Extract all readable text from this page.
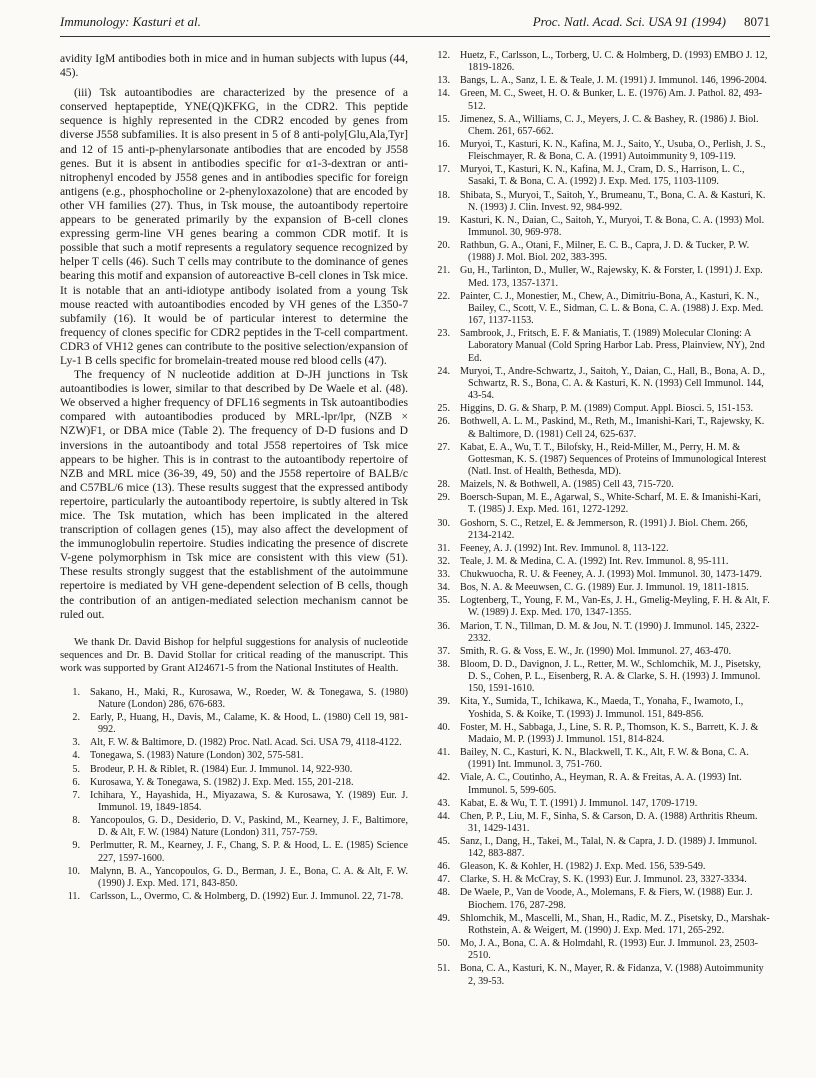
Immunology: Kasturi et al.	Proc. Natl. Acad. Sci. USA 91 (1994) 8071

avidity IgM antibodies both in mice and in human subjects with lupus (44, 45).

(iii) Tsk autoantibodies are characterized by the presence of a conserved heptapeptide, YNE(Q)KFKG, in the CDR2. This peptide sequence is highly represented in the CDR2 encoded by genes from diverse J558 subfamilies. It is also present in 5 of 8 anti-poly[Glu,Ala,Tyr] and 12 of 15 anti-p-phenylarsonate antibodies that are encoded by J558 genes. But it is absent in antibodies specific for α1-3-dextran or anti-nitrophenyl encoded by J558 genes and in antibodies specific for foreign antigens (e.g., phosphocholine or 2-phenyloxazolone) that are encoded by other VH families (27). Thus, in Tsk mouse, the autoantibody repertoire appears to be generated primarily by the expansion of B-cell clones expressing germ-line VH genes bearing a common CDR motif. It is possible that such a motif represents a regulatory sequence recognized by helper T cells (46). Such T cells may contribute to the dominance of genes bearing this motif and expansion of autoreactive B-cell clones in Tsk mice. It is notable that an anti-idiotype antibody isolated from a young Tsk mouse reacted with autoantibodies encoded by VH genes of the L350-7 subfamily (16). It would be of particular interest to determine the frequency of clones specific for CDR2 peptides in the T-cell compartment. CDR3 of VH12 genes can contribute to the positive selection/expansion of Ly-1 B cells specific for bromelain-treated mouse red blood cells (47).

The frequency of N nucleotide addition at D-JH junctions in Tsk autoantibodies is lower, similar to that described by De Waele et al. (48). We observed a higher frequency of DFL16 segments in Tsk autoantibodies compared with autoantibodies produced by MRL-lpr/lpr, (NZB × NZW)F1, or DBA mice (Table 2). The frequency of D-D fusions and D inversions in the autoantibody and total J558 repertoires of Tsk mice appears to be higher. This is in contrast to the autoantibody repertoire of NZB and MRL mice (36-39, 49, 50) and the J558 repertoire of BALB/c and C57BL/6 mice (13). These results suggest that the expressed antibody repertoire, particularly the autoantibody repertoire, is subtly altered in Tsk mice. The Tsk mutation, which has been implicated in the altered transcription of collagen genes (15), may also affect the development of the immunoglobulin repertoire. Studies indicating the presence of discrete V-gene polymorphism in Tsk mice are consistent with this view (51). These results strongly suggest that the establishment of the autoimmune repertoire is mediated by VH gene-dependent selection of B cells, though the contribution of an antigen-mediated selection mechanism cannot be ruled out.

We thank Dr. David Bishop for helpful suggestions for analysis of nucleotide sequences and Dr. B. David Stollar for critical reading of the manuscript. This work was supported by Grant AI24671-5 from the National Institutes of Health.

1. Sakano, H., Maki, R., Kurosawa, W., Roeder, W. & Tonegawa, S. (1980) Nature (London) 286, 676-683.
2. Early, P., Huang, H., Davis, M., Calame, K. & Hood, L. (1980) Cell 19, 981-992.
3. Alt, F. W. & Baltimore, D. (1982) Proc. Natl. Acad. Sci. USA 79, 4118-4122.
4. Tonegawa, S. (1983) Nature (London) 302, 575-581.
5. Brodeur, P. H. & Riblet, R. (1984) Eur. J. Immunol. 14, 922-930.
6. Kurosawa, Y. & Tonegawa, S. (1982) J. Exp. Med. 155, 201-218.
7. Ichihara, Y., Hayashida, H., Miyazawa, S. & Kurosawa, Y. (1989) Eur. J. Immunol. 19, 1849-1854.
8. Yancopoulos, G. D., Desiderio, D. V., Paskind, M., Kearney, J. F., Baltimore, D. & Alt, F. W. (1984) Nature (London) 311, 757-759.
9. Perlmutter, R. M., Kearney, J. F., Chang, S. P. & Hood, L. E. (1985) Science 227, 1597-1600.
10. Malynn, B. A., Yancopoulos, G. D., Berman, J. E., Bona, C. A. & Alt, F. W. (1990) J. Exp. Med. 171, 843-850.
11. Carlsson, L., Overmo, C. & Holmberg, D. (1992) Eur. J. Immunol. 22, 71-78.
12. Huetz, F., Carlsson, L., Torberg, U. C. & Holmberg, D. (1993) EMBO J. 12, 1819-1826.
13. Bangs, L. A., Sanz, I. E. & Teale, J. M. (1991) J. Immunol. 146, 1996-2004.
14. Green, M. C., Sweet, H. O. & Bunker, L. E. (1976) Am. J. Pathol. 82, 493-512.
15. Jimenez, S. A., Williams, C. J., Meyers, J. C. & Bashey, R. (1986) J. Biol. Chem. 261, 657-662.
16. Muryoi, T., Kasturi, K. N., Kafina, M. J., Saito, Y., Usuba, O., Perlish, J. S., Fleischmayer, R. & Bona, C. A. (1991) Autoimmunity 9, 109-119.
17. Muryoi, T., Kasturi, K. N., Kafina, M. J., Cram, D. S., Harrison, L. C., Sasaki, T. & Bona, C. A. (1992) J. Exp. Med. 175, 1103-1109.
18. Shibata, S., Muryoi, T., Saitoh, Y., Brumeanu, T., Bona, C. A. & Kasturi, K. N. (1993) J. Clin. Invest. 92, 984-992.
19. Kasturi, K. N., Daian, C., Saitoh, Y., Muryoi, T. & Bona, C. A. (1993) Mol. Immunol. 30, 969-978.
20. Rathbun, G. A., Otani, F., Milner, E. C. B., Capra, J. D. & Tucker, P. W. (1988) J. Mol. Biol. 202, 383-395.
21. Gu, H., Tarlinton, D., Muller, W., Rajewsky, K. & Forster, I. (1991) J. Exp. Med. 173, 1357-1371.
22. Painter, C. J., Monestier, M., Chew, A., Dimitriu-Bona, A., Kasturi, K. N., Bailey, C., Scott, V. E., Sidman, C. L. & Bona, C. A. (1988) J. Exp. Med. 167, 1137-1153.
23. Sambrook, J., Fritsch, E. F. & Maniatis, T. (1989) Molecular Cloning: A Laboratory Manual (Cold Spring Harbor Lab. Press, Plainview, NY), 2nd Ed.
24. Muryoi, T., Andre-Schwartz, J., Saitoh, Y., Daian, C., Hall, B., Bona, A. D., Schwartz, R. S., Bona, C. A. & Kasturi, K. N. (1993) Cell Immunol. 144, 43-54.
25. Higgins, D. G. & Sharp, P. M. (1989) Comput. Appl. Biosci. 5, 151-153.
26. Bothwell, A. L. M., Paskind, M., Reth, M., Imanishi-Kari, T., Rajewsky, K. & Baltimore, D. (1981) Cell 24, 625-637.
27. Kabat, E. A., Wu, T. T., Bilofsky, H., Reid-Miller, M., Perry, H. M. & Gottesman, K. S. (1987) Sequences of Proteins of Immunological Interest (Natl. Inst. of Health, Bethesda, MD).
28. Maizels, N. & Bothwell, A. (1985) Cell 43, 715-720.
29. Boersch-Supan, M. E., Agarwal, S., White-Scharf, M. E. & Imanishi-Kari, T. (1985) J. Exp. Med. 161, 1272-1292.
30. Goshorn, S. C., Retzel, E. & Jemmerson, R. (1991) J. Biol. Chem. 266, 2134-2142.
31. Feeney, A. J. (1992) Int. Rev. Immunol. 8, 113-122.
32. Teale, J. M. & Medina, C. A. (1992) Int. Rev. Immunol. 8, 95-111.
33. Chukwuocha, R. U. & Feeney, A. J. (1993) Mol. Immunol. 30, 1473-1479.
34. Bos, N. A. & Meeuwsen, C. G. (1989) Eur. J. Immunol. 19, 1811-1815.
35. Logtenberg, T., Young, F. M., Van-Es, J. H., Gmelig-Meyling, F. H. & Alt, F. W. (1989) J. Exp. Med. 170, 1347-1355.
36. Marion, T. N., Tillman, D. M. & Jou, N. T. (1990) J. Immunol. 145, 2322-2332.
37. Smith, R. G. & Voss, E. W., Jr. (1990) Mol. Immunol. 27, 463-470.
38. Bloom, D. D., Davignon, J. L., Retter, M. W., Schlomchik, M. J., Pisetsky, D. S., Cohen, P. L., Eisenberg, R. A. & Clarke, S. H. (1993) J. Immunol. 150, 1591-1610.
39. Kita, Y., Sumida, T., Ichikawa, K., Maeda, T., Yonaha, F., Iwamoto, I., Yoshida, S. & Koike, T. (1993) J. Immunol. 151, 849-856.
40. Foster, M. H., Sabbaga, J., Line, S. R. P., Thomson, K. S., Barrett, K. J. & Madaio, M. P. (1993) J. Immunol. 151, 814-824.
41. Bailey, N. C., Kasturi, K. N., Blackwell, T. K., Alt, F. W. & Bona, C. A. (1991) Int. Immunol. 3, 751-760.
42. Viale, A. C., Coutinho, A., Heyman, R. A. & Freitas, A. A. (1993) Int. Immunol. 5, 599-605.
43. Kabat, E. & Wu, T. T. (1991) J. Immunol. 147, 1709-1719.
44. Chen, P. P., Liu, M. F., Sinha, S. & Carson, D. A. (1988) Arthritis Rheum. 31, 1429-1431.
45. Sanz, I., Dang, H., Takei, M., Talal, N. & Capra, J. D. (1989) J. Immunol. 142, 883-887.
46. Gleason, K. & Kohler, H. (1982) J. Exp. Med. 156, 539-549.
47. Clarke, S. H. & McCray, S. K. (1993) Eur. J. Immunol. 23, 3327-3334.
48. De Waele, P., Van de Voode, A., Molemans, F. & Fiers, W. (1988) Eur. J. Biochem. 176, 287-298.
49. Shlomchik, M., Mascelli, M., Shan, H., Radic, M. Z., Pisetsky, D., Marshak-Rothstein, A. & Weigert, M. (1990) J. Exp. Med. 171, 265-292.
50. Mo, J. A., Bona, C. A. & Holmdahl, R. (1993) Eur. J. Immunol. 23, 2503-2510.
51. Bona, C. A., Kasturi, K. N., Mayer, R. & Fidanza, V. (1988) Autoimmunity 2, 39-53.
